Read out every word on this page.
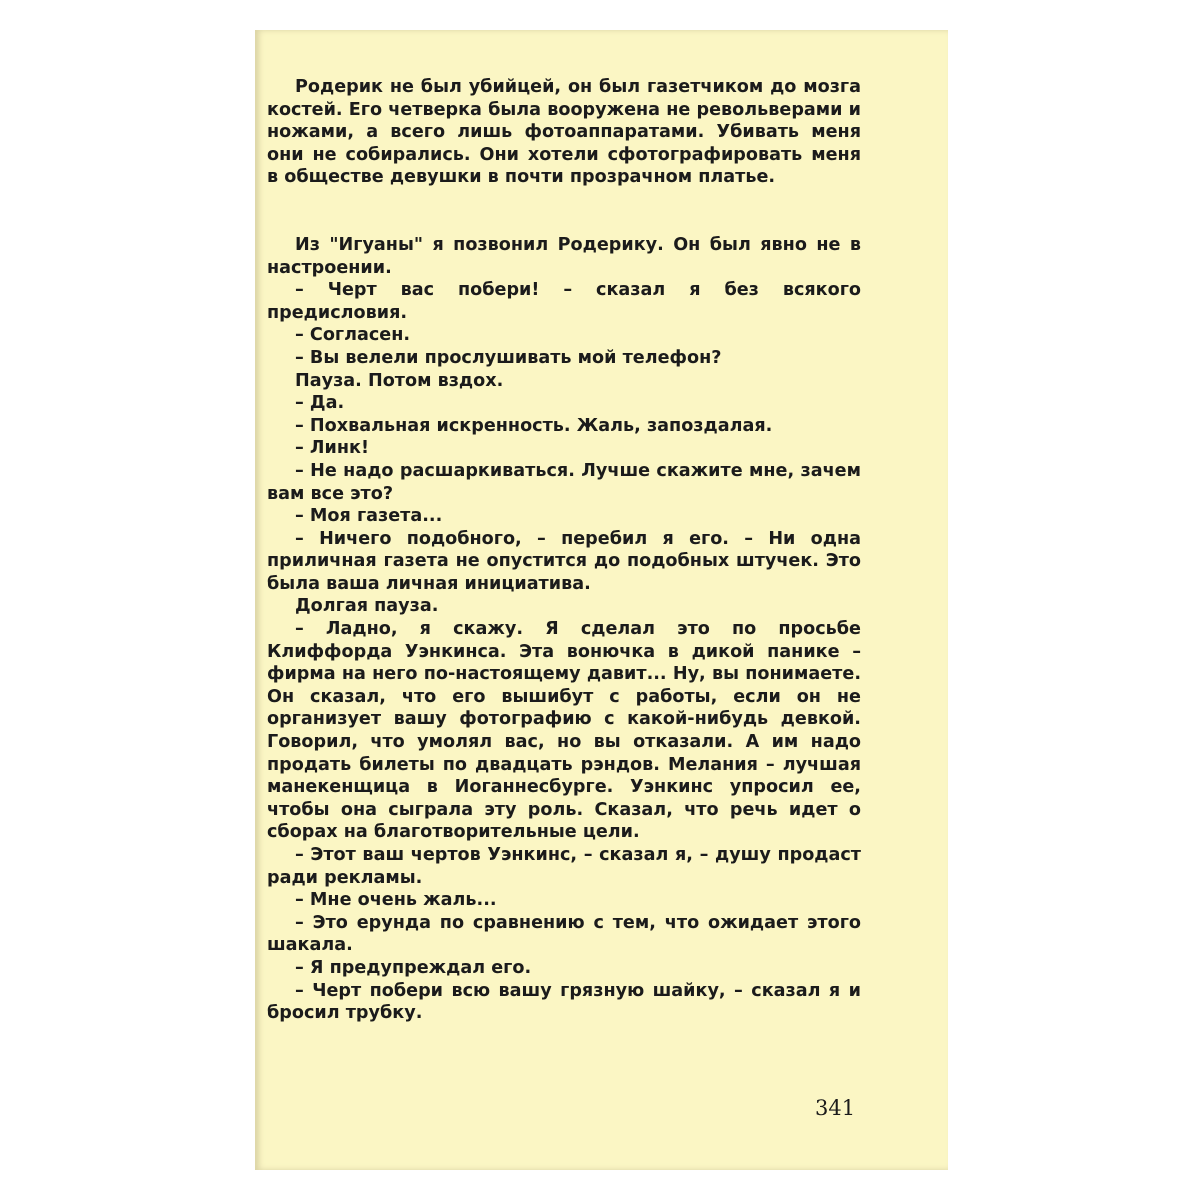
Родерик не был убийцей, он был газетчиком до мозга костей. Его четверка была вооружена не револьверами и ножами, а всего лишь фотоаппаратами. Убивать меня они не собирались. Они хотели сфотографировать меня в обществе девушки в почти прозрачном платье.

Из "Игуаны" я позвонил Родерику. Он был явно не в настроении.

– Черт вас побери! – сказал я без всякого предисловия.

– Согласен.

– Вы велели прослушивать мой телефон?

Пауза. Потом вздох.

– Да.

– Похвальная искренность. Жаль, запоздалая.

– Линк!

– Не надо расшаркиваться. Лучше скажите мне, зачем вам все это?

– Моя газета...

– Ничего подобного, – перебил я его. – Ни одна приличная газета не опустится до подобных штучек. Это была ваша личная инициатива.

Долгая пауза.

– Ладно, я скажу. Я сделал это по просьбе Клиффорда Уэнкинса. Эта вонючка в дикой панике – фирма на него по-настоящему давит... Ну, вы понимаете. Он сказал, что его вышибут с работы, если он не организует вашу фотографию с какой-нибудь девкой. Говорил, что умолял вас, но вы отказали. А им надо продать билеты по двадцать рэндов. Мелания – лучшая манекенщица в Иоганнесбурге. Уэнкинс упросил ее, чтобы она сыграла эту роль. Сказал, что речь идет о сборах на благотворительные цели.

– Этот ваш чертов Уэнкинс, – сказал я, – душу продаст ради рекламы.

– Мне очень жаль...

– Это ерунда по сравнению с тем, что ожидает этого шакала.

– Я предупреждал его.

– Черт побери всю вашу грязную шайку, – сказал я и бросил трубку.

341
